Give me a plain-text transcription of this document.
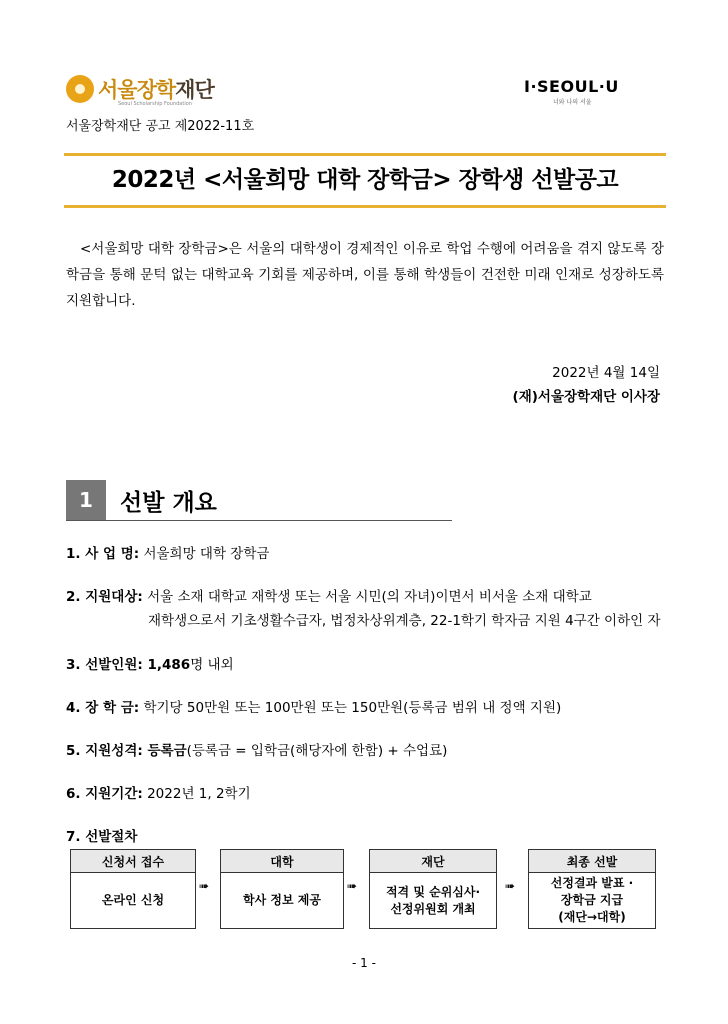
서울장학재단
Seoul Scholarship Foundation
I·SEOUL·U
너와 나의 서울
서울장학재단 공고 제2022-11호
2022년 <서울희망 대학 장학금> 장학생 선발공고
<서울희망 대학 장학금>은 서울의 대학생이 경제적인 이유로 학업 수행에 어려움을 겪지 않도록 장학금을 통해 문턱 없는 대학교육 기회를 제공하며, 이를 통해 학생들이 건전한 미래 인재로 성장하도록 지원합니다.
2022년 4월 14일
(재)서울장학재단 이사장
1	선발 개요
1. 사 업 명: 서울희망 대학 장학금
2. 지원대상: 서울 소재 대학교 재학생 또는 서울 시민(의 자녀)이면서 비서울 소재 대학교
재학생으로서 기초생활수급자, 법정차상위계층, 22-1학기 학자금 지원 4구간 이하인 자
3. 선발인원: 1,486명 내외
4. 장 학 금: 학기당 50만원 또는 100만원 또는 150만원(등록금 범위 내 정액 지원)
5. 지원성격: 등록금(등록금 = 입학금(해당자에 한함) + 수업료)
6. 지원기간: 2022년 1, 2학기
7. 선발절차
신청서 접수
온라인 신청
➠
대학
학사 정보 제공
➠
재단
적격 및 순위심사·
선정위원회 개최
➠
최종 선발
선정결과 발표 ·
장학금 지급
(재단→대학)
- 1 -
